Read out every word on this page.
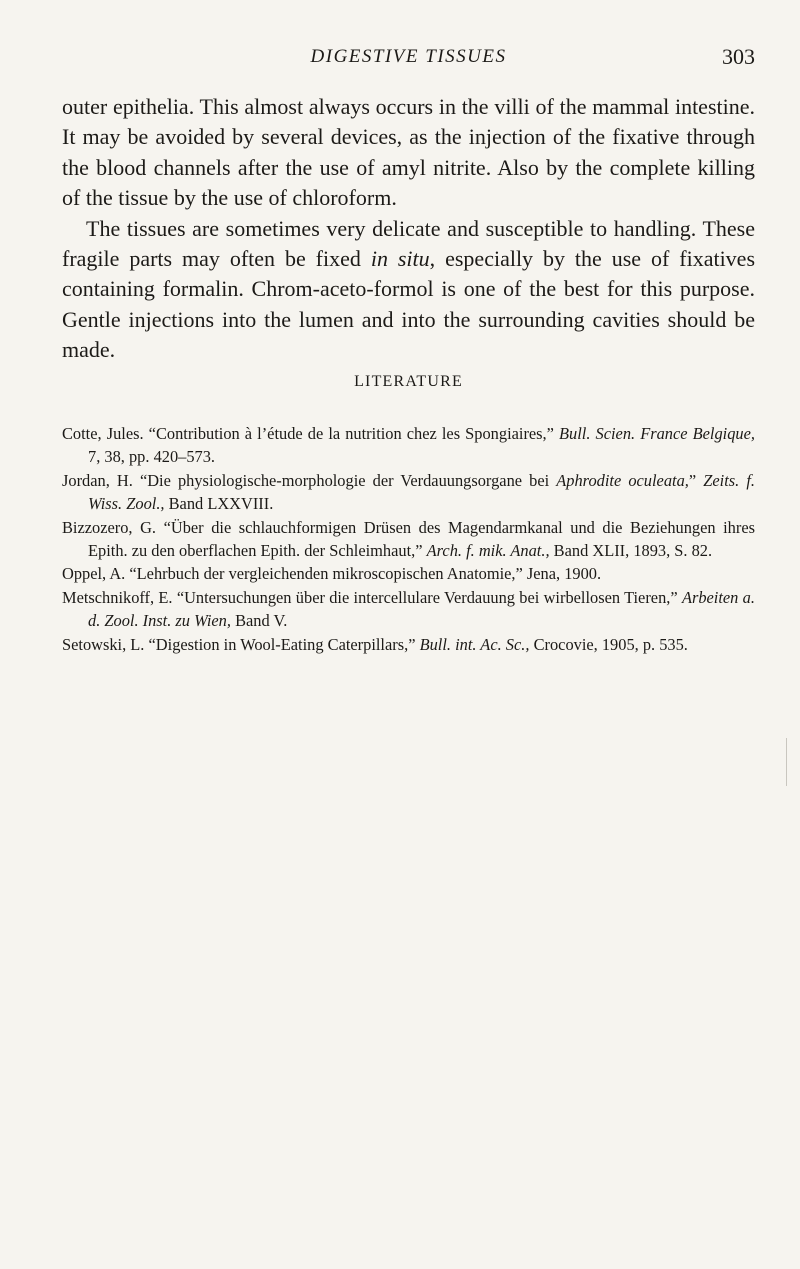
DIGESTIVE TISSUES	303

outer epithelia. This almost always occurs in the villi of the mammal intestine. It may be avoided by several devices, as the injection of the fixative through the blood channels after the use of amyl nitrite. Also by the complete killing of the tissue by the use of chloroform.

The tissues are sometimes very delicate and susceptible to handling. These fragile parts may often be fixed in situ, especially by the use of fixatives containing formalin. Chrom-aceto-formol is one of the best for this purpose. Gentle injections into the lumen and into the surrounding cavities should be made.

LITERATURE
Cotte, Jules. “Contribution à l’étude de la nutrition chez les Spongiaires,” Bull. Scien. France Belgique, 7, 38, pp. 420–573.
Jordan, H. “Die physiologische-morphologie der Verdauungsorgane bei Aphrodite oculeata,” Zeits. f. Wiss. Zool., Band LXXVIII.
Bizzozero, G. “Über die schlauchformigen Drüsen des Magendarmkanal und die Beziehungen ihres Epith. zu den oberflachen Epith. der Schleimhaut,” Arch. f. mik. Anat., Band XLII, 1893, S. 82.
Oppel, A. “Lehrbuch der vergleichenden mikroscopischen Anatomie,” Jena, 1900.
Metschnikoff, E. “Untersuchungen über die intercellulare Verdauung bei wirbellosen Tieren,” Arbeiten a. d. Zool. Inst. zu Wien, Band V.
Setowski, L. “Digestion in Wool-Eating Caterpillars,” Bull. int. Ac. Sc., Crocovie, 1905, p. 535.
